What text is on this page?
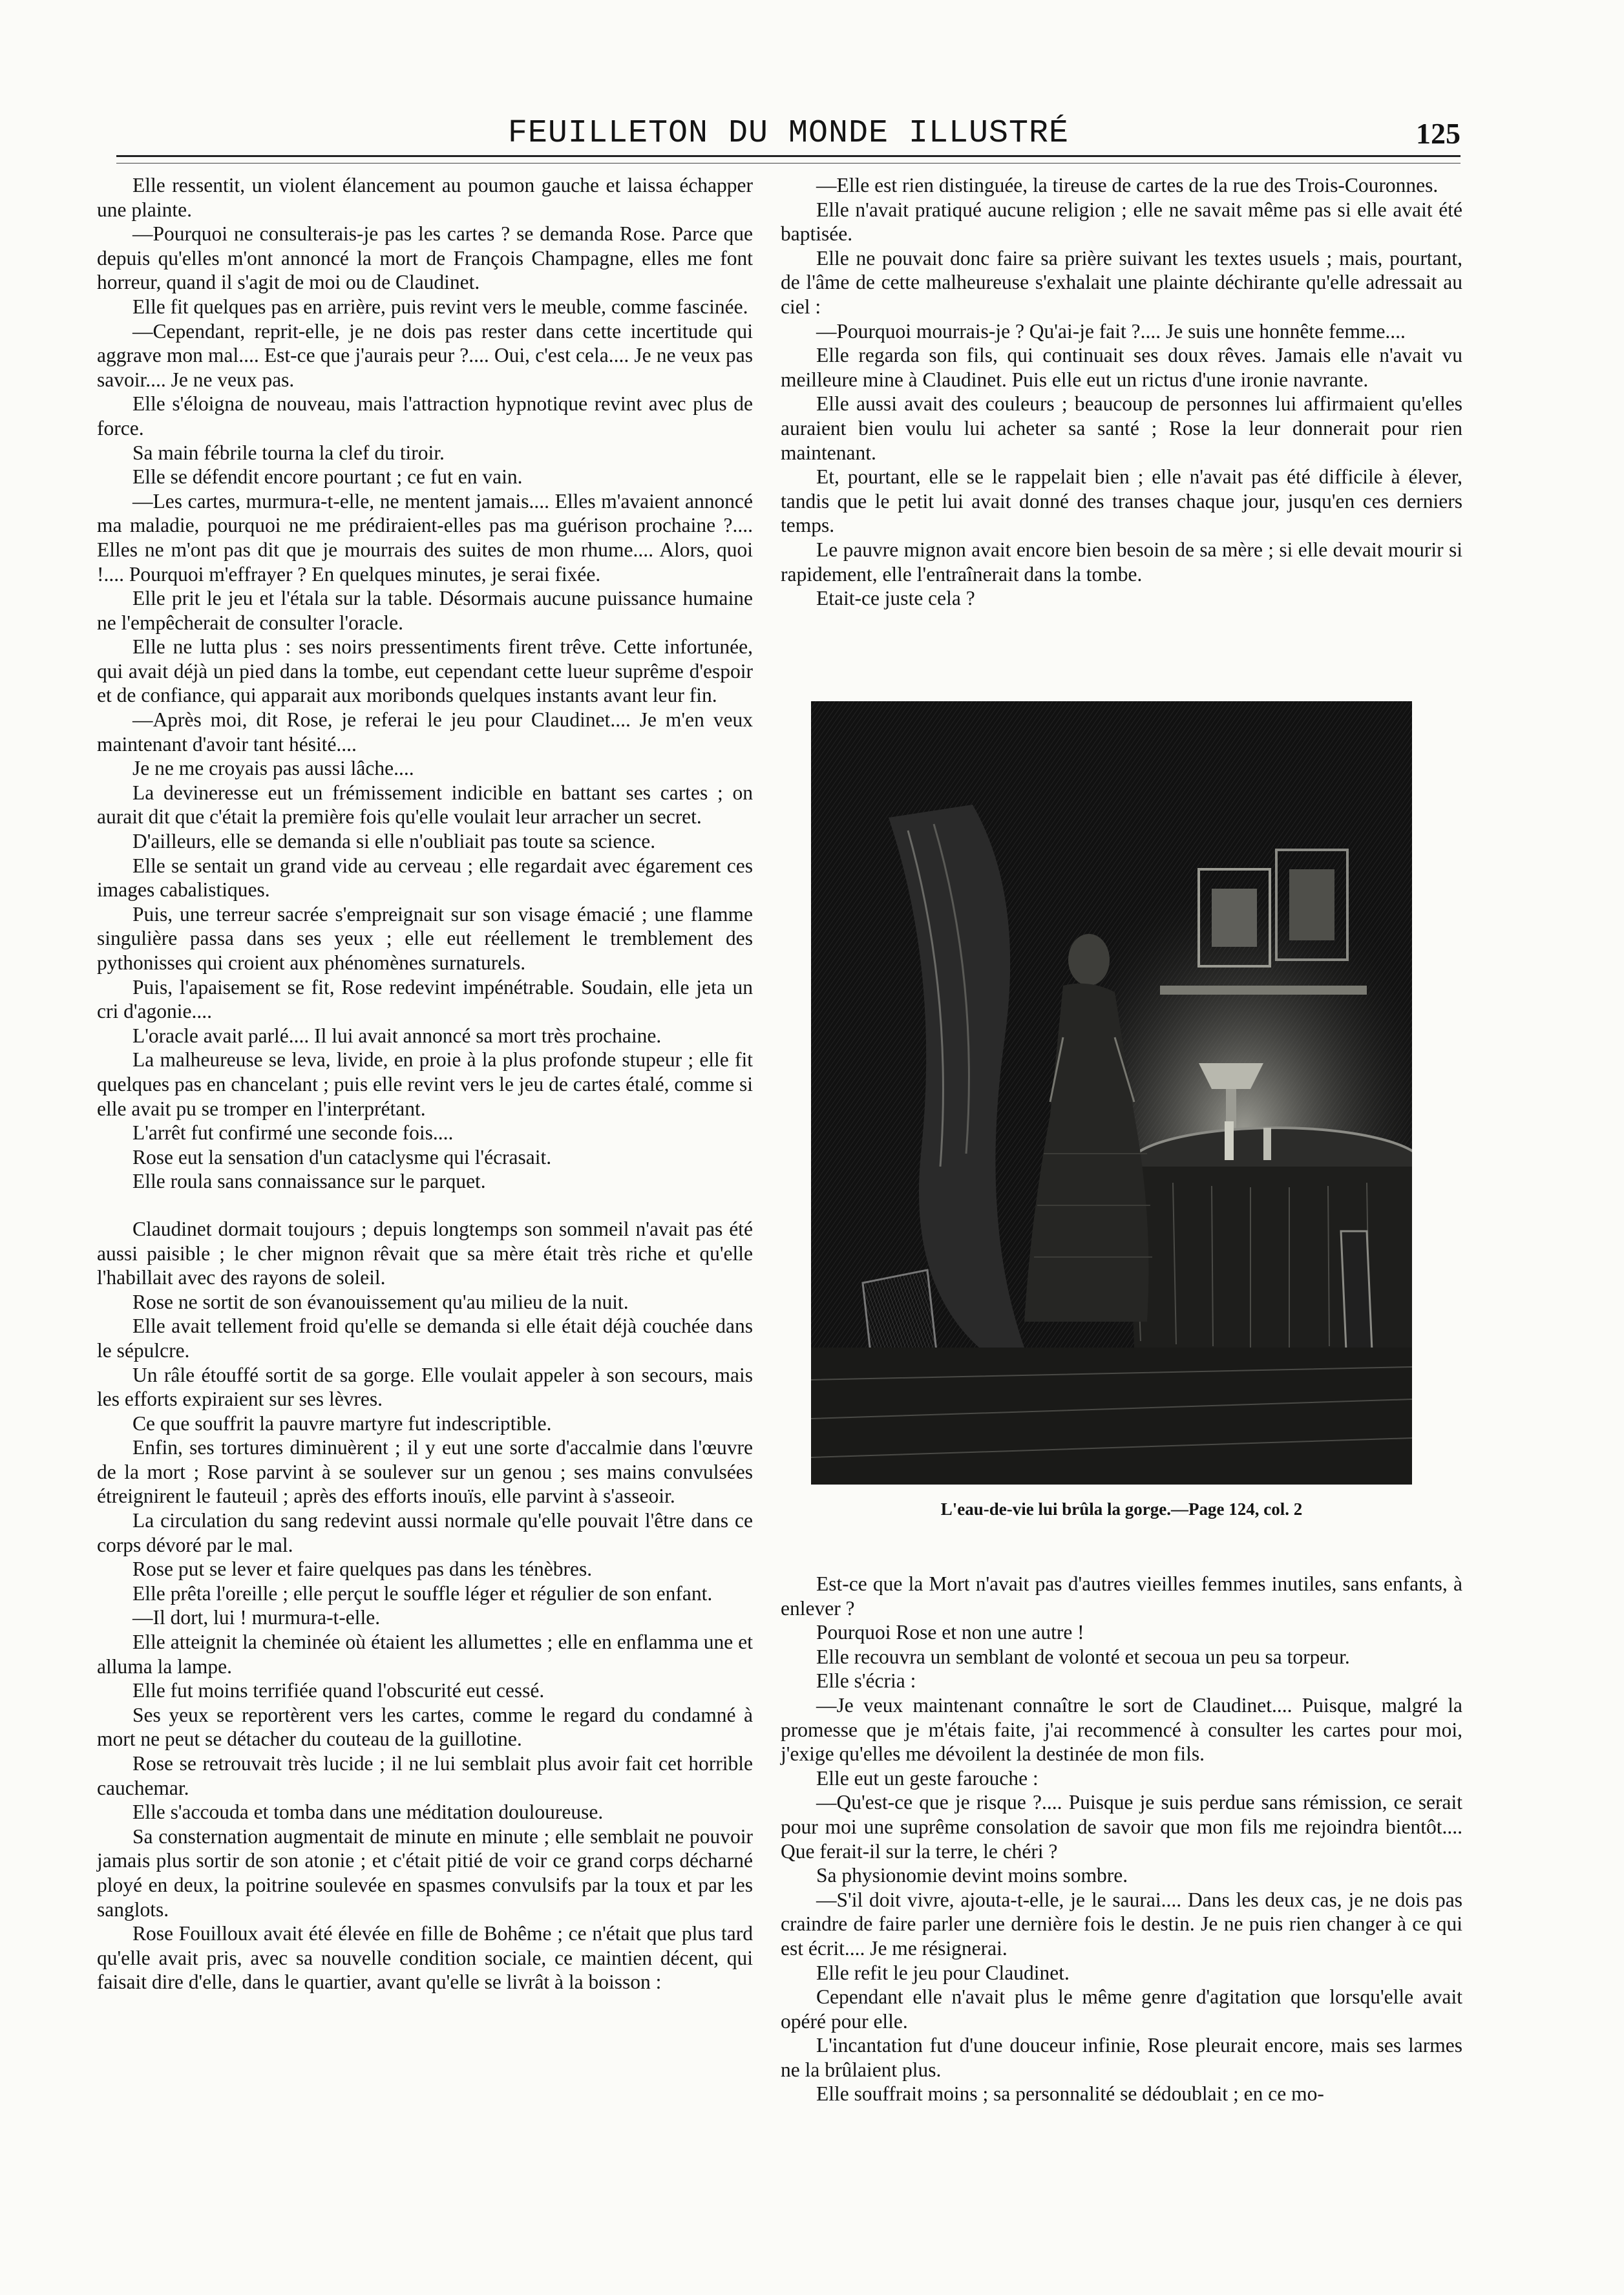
FEUILLETON DU MONDE ILLUSTRÉ	125

Elle ressentit, un violent élancement au poumon gauche et laissa échapper une plainte.

—Pourquoi ne consulterais-je pas les cartes ? se demanda Rose. Parce que depuis qu'elles m'ont annoncé la mort de François Champagne, elles me font horreur, quand il s'agit de moi ou de Claudinet.

Elle fit quelques pas en arrière, puis revint vers le meuble, comme fascinée.

—Cependant, reprit-elle, je ne dois pas rester dans cette incertitude qui aggrave mon mal.... Est-ce que j'aurais peur ?.... Oui, c'est cela.... Je ne veux pas savoir.... Je ne veux pas.

Elle s'éloigna de nouveau, mais l'attraction hypnotique revint avec plus de force.

Sa main fébrile tourna la clef du tiroir.

Elle se défendit encore pourtant ; ce fut en vain.

—Les cartes, murmura-t-elle, ne mentent jamais.... Elles m'avaient annoncé ma maladie, pourquoi ne me prédiraient-elles pas ma guérison prochaine ?.... Elles ne m'ont pas dit que je mourrais des suites de mon rhume.... Alors, quoi !.... Pourquoi m'effrayer ? En quelques minutes, je serai fixée.

Elle prit le jeu et l'étala sur la table. Désormais aucune puissance humaine ne l'empêcherait de consulter l'oracle.

Elle ne lutta plus : ses noirs pressentiments firent trêve. Cette infortunée, qui avait déjà un pied dans la tombe, eut cependant cette lueur suprême d'espoir et de confiance, qui apparait aux moribonds quelques instants avant leur fin.

—Après moi, dit Rose, je referai le jeu pour Claudinet.... Je m'en veux maintenant d'avoir tant hésité....

Je ne me croyais pas aussi lâche....

La devineresse eut un frémissement indicible en battant ses cartes ; on aurait dit que c'était la première fois qu'elle voulait leur arracher un secret.

D'ailleurs, elle se demanda si elle n'oubliait pas toute sa science.

Elle se sentait un grand vide au cerveau ; elle regardait avec égarement ces images cabalistiques.

Puis, une terreur sacrée s'empreignait sur son visage émacié ; une flamme singulière passa dans ses yeux ; elle eut réellement le tremblement des pythonisses qui croient aux phénomènes surnaturels.

Puis, l'apaisement se fit, Rose redevint impénétrable. Soudain, elle jeta un cri d'agonie....

L'oracle avait parlé.... Il lui avait annoncé sa mort très prochaine.

La malheureuse se leva, livide, en proie à la plus profonde stupeur ; elle fit quelques pas en chancelant ; puis elle revint vers le jeu de cartes étalé, comme si elle avait pu se tromper en l'interprétant.

L'arrêt fut confirmé une seconde fois....

Rose eut la sensation d'un cataclysme qui l'écrasait.

Elle roula sans connaissance sur le parquet.

Claudinet dormait toujours ; depuis longtemps son sommeil n'avait pas été aussi paisible ; le cher mignon rêvait que sa mère était très riche et qu'elle l'habillait avec des rayons de soleil.

Rose ne sortit de son évanouissement qu'au milieu de la nuit.

Elle avait tellement froid qu'elle se demanda si elle était déjà couchée dans le sépulcre.

Un râle étouffé sortit de sa gorge. Elle voulait appeler à son secours, mais les efforts expiraient sur ses lèvres.

Ce que souffrit la pauvre martyre fut indescriptible.

Enfin, ses tortures diminuèrent ; il y eut une sorte d'accalmie dans l'œuvre de la mort ; Rose parvint à se soulever sur un genou ; ses mains convulsées étreignirent le fauteuil ; après des efforts inouïs, elle parvint à s'asseoir.

La circulation du sang redevint aussi normale qu'elle pouvait l'être dans ce corps dévoré par le mal.

Rose put se lever et faire quelques pas dans les ténèbres.

Elle prêta l'oreille ; elle perçut le souffle léger et régulier de son enfant.

—Il dort, lui ! murmura-t-elle.

Elle atteignit la cheminée où étaient les allumettes ; elle en enflamma une et alluma la lampe.

Elle fut moins terrifiée quand l'obscurité eut cessé.

Ses yeux se reportèrent vers les cartes, comme le regard du condamné à mort ne peut se détacher du couteau de la guillotine.

Rose se retrouvait très lucide ; il ne lui semblait plus avoir fait cet horrible cauchemar.

Elle s'accouda et tomba dans une méditation douloureuse.

Sa consternation augmentait de minute en minute ; elle semblait ne pouvoir jamais plus sortir de son atonie ; et c'était pitié de voir ce grand corps décharné ployé en deux, la poitrine soulevée en spasmes convulsifs par la toux et par les sanglots.

Rose Fouilloux avait été élevée en fille de Bohême ; ce n'était que plus tard qu'elle avait pris, avec sa nouvelle condition sociale, ce maintien décent, qui faisait dire d'elle, dans le quartier, avant qu'elle se livrât à la boisson :

—Elle est rien distinguée, la tireuse de cartes de la rue des Trois-Couronnes.

Elle n'avait pratiqué aucune religion ; elle ne savait même pas si elle avait été baptisée.

Elle ne pouvait donc faire sa prière suivant les textes usuels ; mais, pourtant, de l'âme de cette malheureuse s'exhalait une plainte déchirante qu'elle adressait au ciel :

—Pourquoi mourrais-je ? Qu'ai-je fait ?.... Je suis une honnête femme....

Elle regarda son fils, qui continuait ses doux rêves. Jamais elle n'avait vu meilleure mine à Claudinet. Puis elle eut un rictus d'une ironie navrante.

Elle aussi avait des couleurs ; beaucoup de personnes lui affirmaient qu'elles auraient bien voulu lui acheter sa santé ; Rose la leur donnerait pour rien maintenant.

Et, pourtant, elle se le rappelait bien ; elle n'avait pas été difficile à élever, tandis que le petit lui avait donné des transes chaque jour, jusqu'en ces derniers temps.

Le pauvre mignon avait encore bien besoin de sa mère ; si elle devait mourir si rapidement, elle l'entraînerait dans la tombe.

Etait-ce juste cela ?

L'eau-de-vie lui brûla la gorge.—Page 124, col. 2

Est-ce que la Mort n'avait pas d'autres vieilles femmes inutiles, sans enfants, à enlever ?

Pourquoi Rose et non une autre !

Elle recouvra un semblant de volonté et secoua un peu sa torpeur.

Elle s'écria :

—Je veux maintenant connaître le sort de Claudinet.... Puisque, malgré la promesse que je m'étais faite, j'ai recommencé à consulter les cartes pour moi, j'exige qu'elles me dévoilent la destinée de mon fils.

Elle eut un geste farouche :

—Qu'est-ce que je risque ?.... Puisque je suis perdue sans rémission, ce serait pour moi une suprême consolation de savoir que mon fils me rejoindra bientôt.... Que ferait-il sur la terre, le chéri ?

Sa physionomie devint moins sombre.

—S'il doit vivre, ajouta-t-elle, je le saurai.... Dans les deux cas, je ne dois pas craindre de faire parler une dernière fois le destin. Je ne puis rien changer à ce qui est écrit.... Je me résignerai.

Elle refit le jeu pour Claudinet.

Cependant elle n'avait plus le même genre d'agitation que lorsqu'elle avait opéré pour elle.

L'incantation fut d'une douceur infinie, Rose pleurait encore, mais ses larmes ne la brûlaient plus.

Elle souffrait moins ; sa personnalité se dédoublait ; en ce mo-
